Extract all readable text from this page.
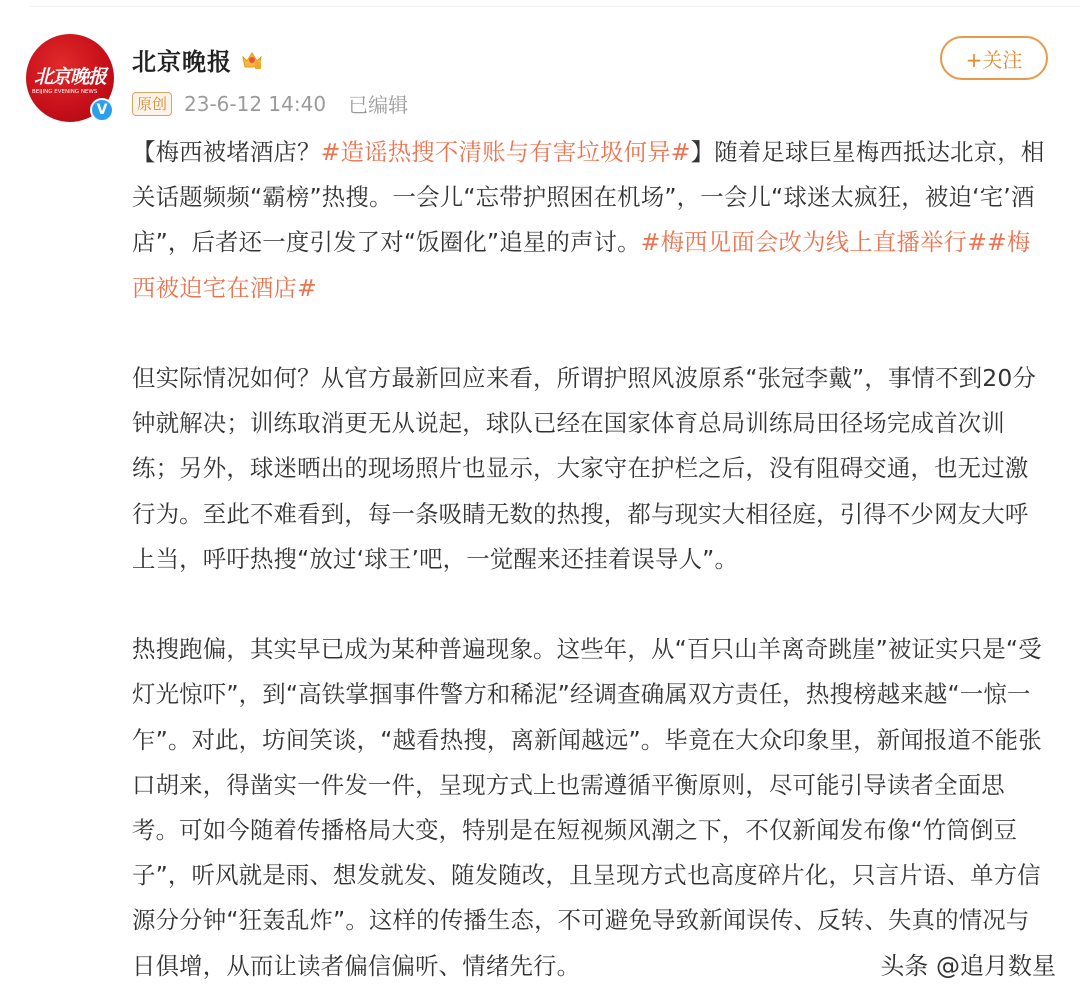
北京晚报
BEIJING EVENING NEWS
V
北京晚报
原创 23-6-12 14:40 已编辑
+关注

【梅西被堵酒店？#造谣热搜不清账与有害垃圾何异#】随着足球巨星梅西抵达北京，相关话题频频“霸榜”热搜。一会儿“忘带护照困在机场”，一会儿“球迷太疯狂，被迫‘宅’酒店”，后者还一度引发了对“饭圈化”追星的声讨。#梅西见面会改为线上直播举行##梅西被迫宅在酒店#

但实际情况如何？从官方最新回应来看，所谓护照风波原系“张冠李戴”，事情不到20分钟就解决；训练取消更无从说起，球队已经在国家体育总局训练局田径场完成首次训练；另外，球迷晒出的现场照片也显示，大家守在护栏之后，没有阻碍交通，也无过激行为。至此不难看到，每一条吸睛无数的热搜，都与现实大相径庭，引得不少网友大呼上当，呼吁热搜“放过‘球王’吧，一觉醒来还挂着误导人”。

热搜跑偏，其实早已成为某种普遍现象。这些年，从“百只山羊离奇跳崖”被证实只是“受灯光惊吓”，到“高铁掌掴事件警方和稀泥”经调查确属双方责任，热搜榜越来越“一惊一乍”。对此，坊间笑谈，“越看热搜，离新闻越远”。毕竟在大众印象里，新闻报道不能张口胡来，得凿实一件发一件，呈现方式上也需遵循平衡原则，尽可能引导读者全面思考。可如今随着传播格局大变，特别是在短视频风潮之下，不仅新闻发布像“竹筒倒豆子”，听风就是雨、想发就发、随发随改，且呈现方式也高度碎片化，只言片语、单方信源分分钟“狂轰乱炸”。这样的传播生态，不可避免导致新闻误传、反转、失真的情况与日俱增，从而让读者偏信偏听、情绪先行。	头条 @追月数星
